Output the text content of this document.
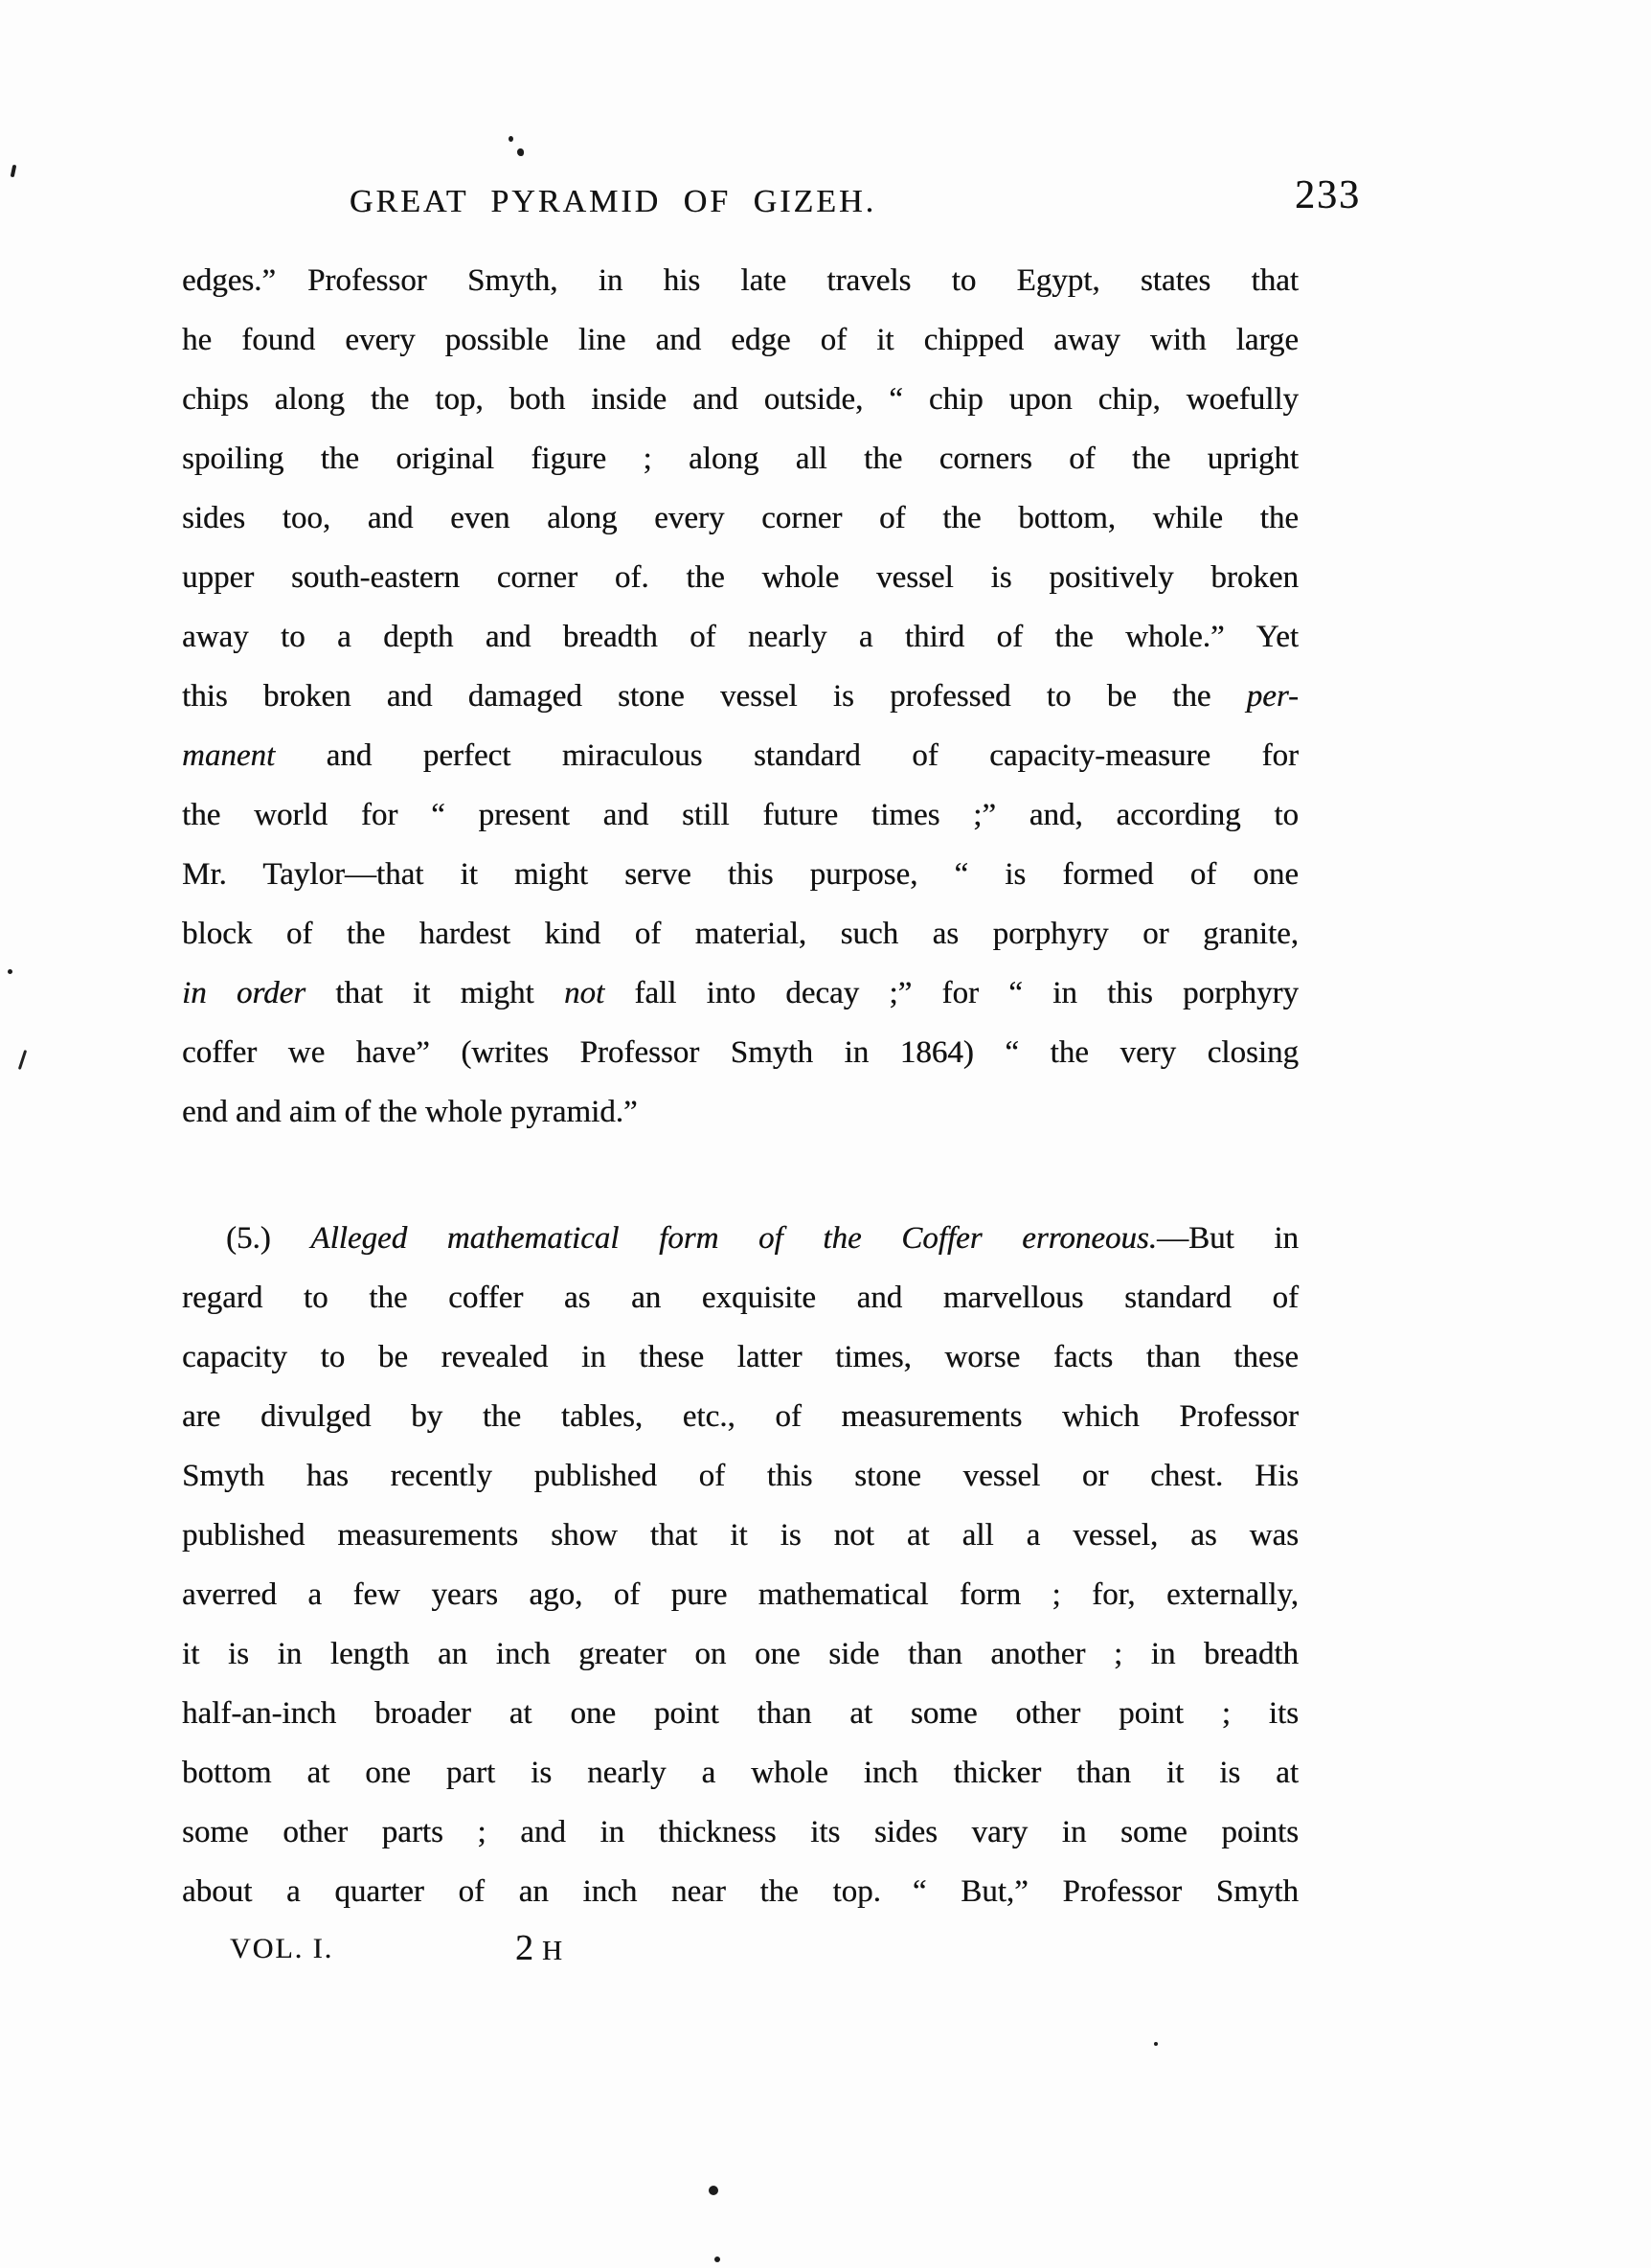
GREAT PYRAMID OF GIZEH.	233
edges.” Professor Smyth, in his late travels to Egypt, states that
he found every possible line and edge of it chipped away with large
chips along the top, both inside and outside, “ chip upon chip, woefully
spoiling the original figure ; along all the corners of the upright
sides too, and even along every corner of the bottom, while the
upper south-eastern corner of. the whole vessel is positively broken
away to a depth and breadth of nearly a third of the whole.” Yet
this broken and damaged stone vessel is professed to be the per-
manent and perfect miraculous standard of capacity-measure for
the world for “ present and still future times ;” and, according to
Mr. Taylor—that it might serve this purpose, “ is formed of one
block of the hardest kind of material, such as porphyry or granite,
in order that it might not fall into decay ;” for “ in this porphyry
coffer we have” (writes Professor Smyth in 1864) “ the very closing
end and aim of the whole pyramid.”
(5.) Alleged mathematical form of the Coffer erroneous.—But in
regard to the coffer as an exquisite and marvellous standard of
capacity to be revealed in these latter times, worse facts than these
are divulged by the tables, etc., of measurements which Professor
Smyth has recently published of this stone vessel or chest. His
published measurements show that it is not at all a vessel, as was
averred a few years ago, of pure mathematical form ; for, externally,
it is in length an inch greater on one side than another ; in breadth
half-an-inch broader at one point than at some other point ; its
bottom at one part is nearly a whole inch thicker than it is at
some other parts ; and in thickness its sides vary in some points
about a quarter of an inch near the top. “ But,” Professor Smyth
VOL. I.	2 H
